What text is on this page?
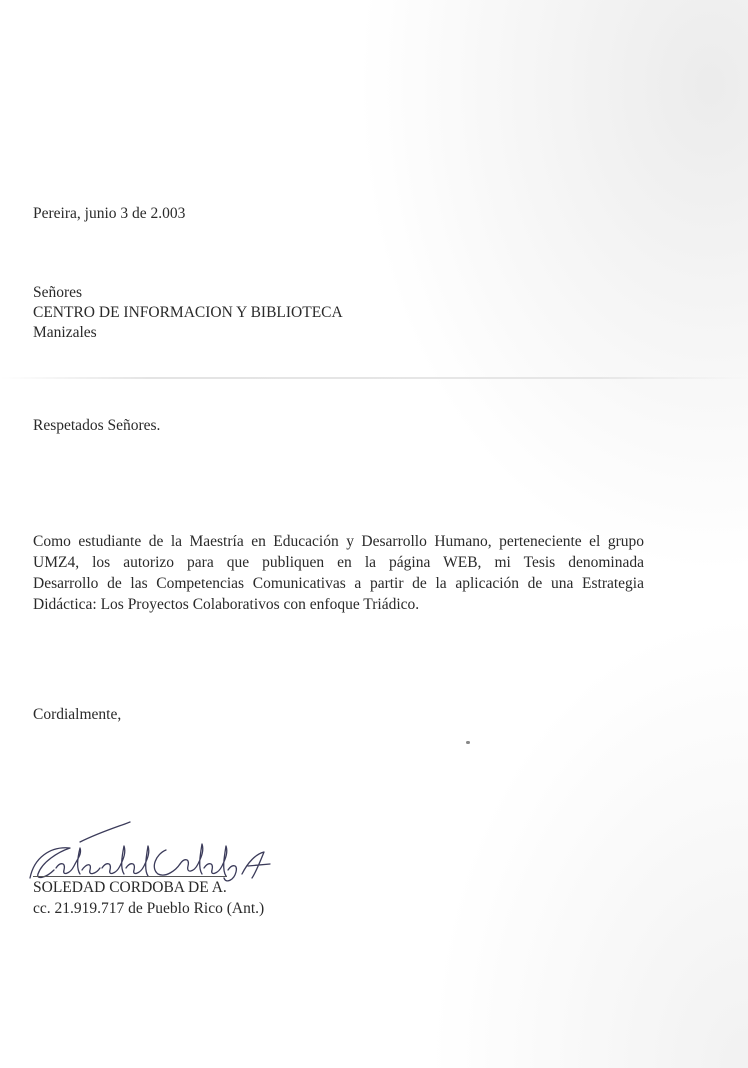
Pereira, junio 3 de 2.003
Señores
CENTRO DE INFORMACION Y BIBLIOTECA
Manizales
Respetados Señores.
Como estudiante de la Maestría en Educación y Desarrollo Humano, perteneciente el grupo
UMZ4, los autorizo para que publiquen en la página WEB, mi Tesis denominada
Desarrollo de las Competencias Comunicativas a partir de la aplicación de una Estrategia
Didáctica: Los Proyectos Colaborativos con enfoque Triádico.
Cordialmente,
SOLEDAD CORDOBA DE A.
cc. 21.919.717 de Pueblo Rico (Ant.)
